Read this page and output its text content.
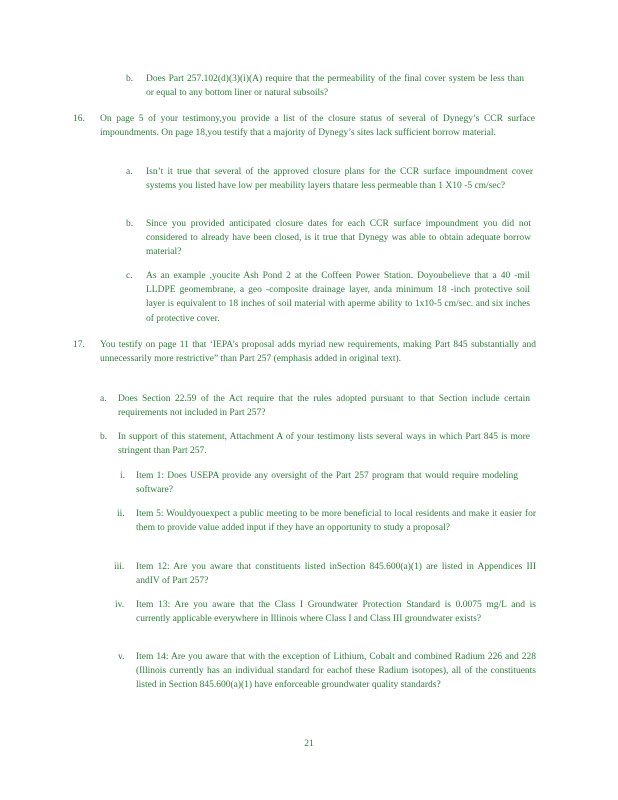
b. Does Part 257.102(d)(3)(i)(A) require that the permeability of the final cover system be less than or equal to any bottom liner or natural subsoils?
16. On page 5 of your testimony,you provide a list of the closure status of several of Dynegy’s CCR surface impoundments. On page 18,you testify that a majority of Dynegy’s sites lack sufficient borrow material.
a. Isn’t it true that several of the approved closure plans for the CCR surface impoundment cover systems you listed have low per meability layers thatare less permeable than 1 X10 -5 cm/sec?
b. Since you provided anticipated closure dates for each CCR surface impoundment you did not considered to already have been closed, is it true that Dynegy was able to obtain adequate borrow material?
c. As an example ,youcite Ash Pond 2 at the Coffeen Power Station. Doyoubelieve that a 40 -mil LLDPE geomembrane, a geo -composite drainage layer, anda minimum 18 -inch protective soil layer is equivalent to 18 inches of soil material with aperme ability to 1x10-5 cm/sec. and six inches of protective cover.
17. You testify on page 11 that ‘IEPA’s proposal adds myriad new requirements, making Part 845 substantially and unnecessarily more restrictive” than Part 257 (emphasis added in original text).
a. Does Section 22.59 of the Act require that the rules adopted pursuant to that Section include certain requirements not included in Part 257?
b. In support of this statement, Attachment A of your testimony lists several ways in which Part 845 is more stringent than Part 257.
i. Item 1: Does USEPA provide any oversight of the Part 257 program that would require modeling software?
ii. Item 5: Wouldyouexpect a public meeting to be more beneficial to local residents and make it easier for them to provide value added input if they have an opportunity to study a proposal?
iii. Item 12: Are you aware that constituents listed inSection 845.600(a)(1) are listed in Appendices III andIV of Part 257?
iv. Item 13: Are you aware that the Class I Groundwater Protection Standard is 0.0075 mg/L and is currently applicable everywhere in Illinois where Class I and Class III groundwater exists?
v. Item 14: Are you aware that with the exception of Lithium, Cobalt and combined Radium 226 and 228 (Illinois currently has an individual standard for eachof these Radium isotopes), all of the constituents listed in Section 845.600(a)(1) have enforceable groundwater quality standards?
21
